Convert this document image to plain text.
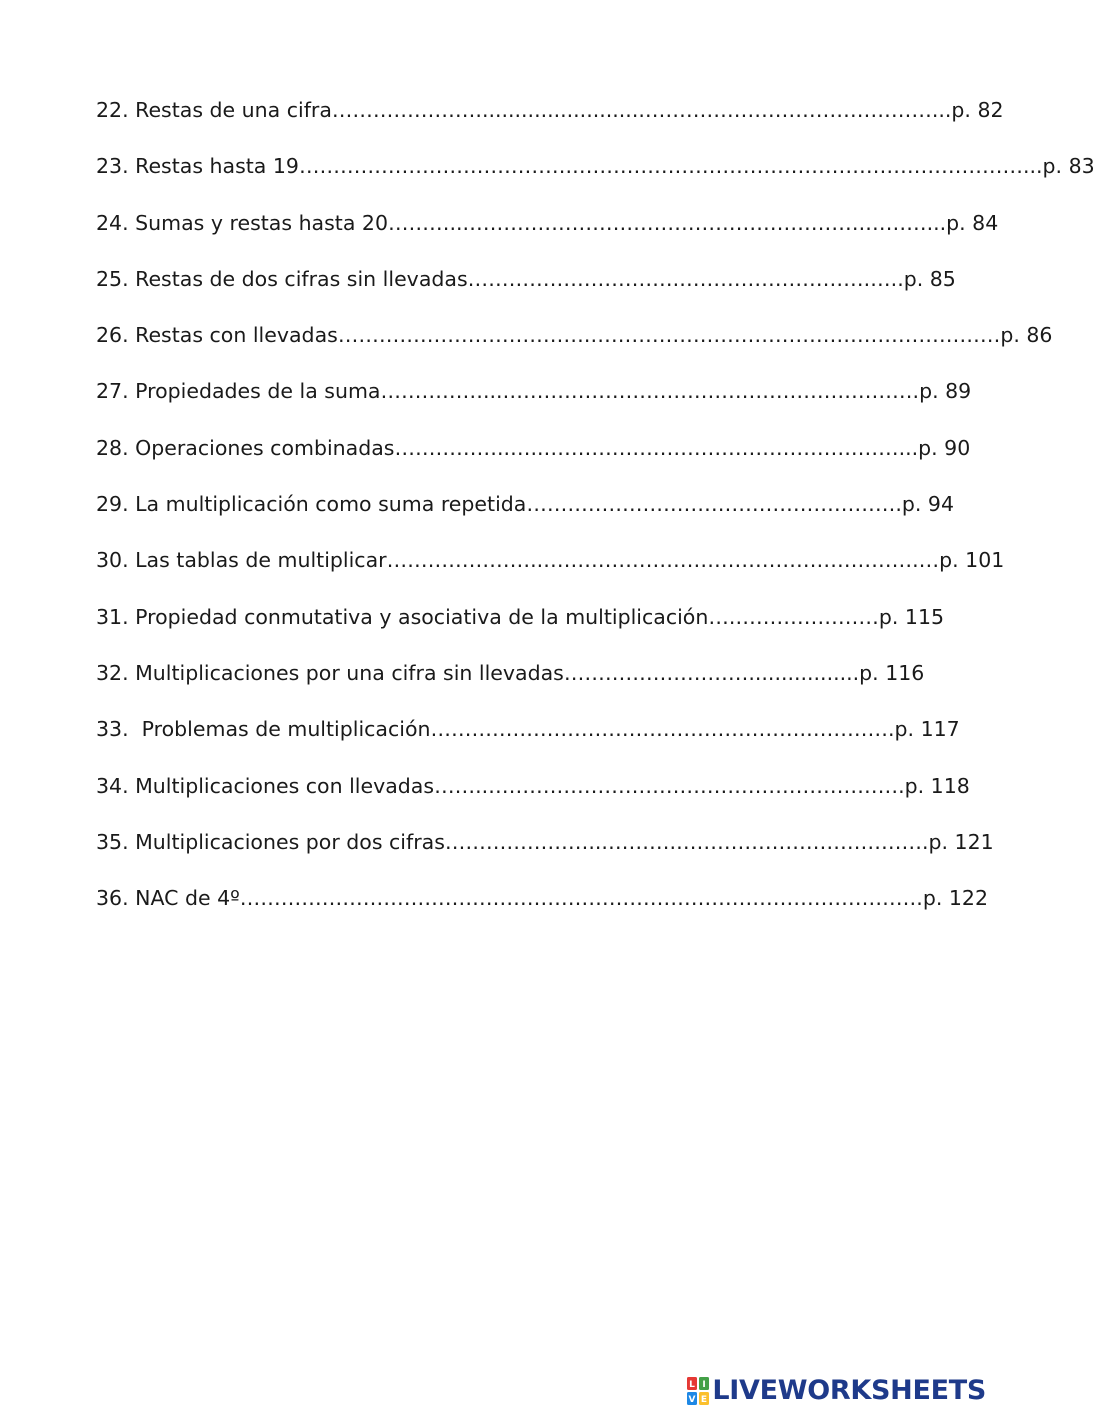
22. Restas de una cifra…………………..........................……………………………………...p. 82
23. Restas hasta 19………………………………….…………………………………………………………...p. 83
24. Sumas y restas hasta 20………...………………………………………………….………...p. 84
25. Restas de dos cifras sin llevadas………………………….……………………….…..p. 85
26. Restas con llevadas……………………………….……………………………………………………p. 86
27. Propiedades de la suma……………...…………………………………………………….p. 89
28. Operaciones combinadas……………..…..……………………………………….……...p. 90
29. La multiplicación como suma repetida……………………………………………….p. 94
30. Las tablas de multiplicar…………………..……………………………………………….…p. 101
31. Propiedad conmutativa y asociativa de la multiplicación….…………………p. 115
32. Multiplicaciones por una cifra sin llevadas……………………….................p. 116
33.  Problemas de multiplicación……………………………………………….………….p. 117
34. Multiplicaciones con llevadas……..…………………………………………………….p. 118
35. Multiplicaciones por dos cifras…………………...……….……………………………….p. 121
36. NAC de 4º……………………………………………………………………………………….p. 122
L I
V E LIVEWORKSHEETS
